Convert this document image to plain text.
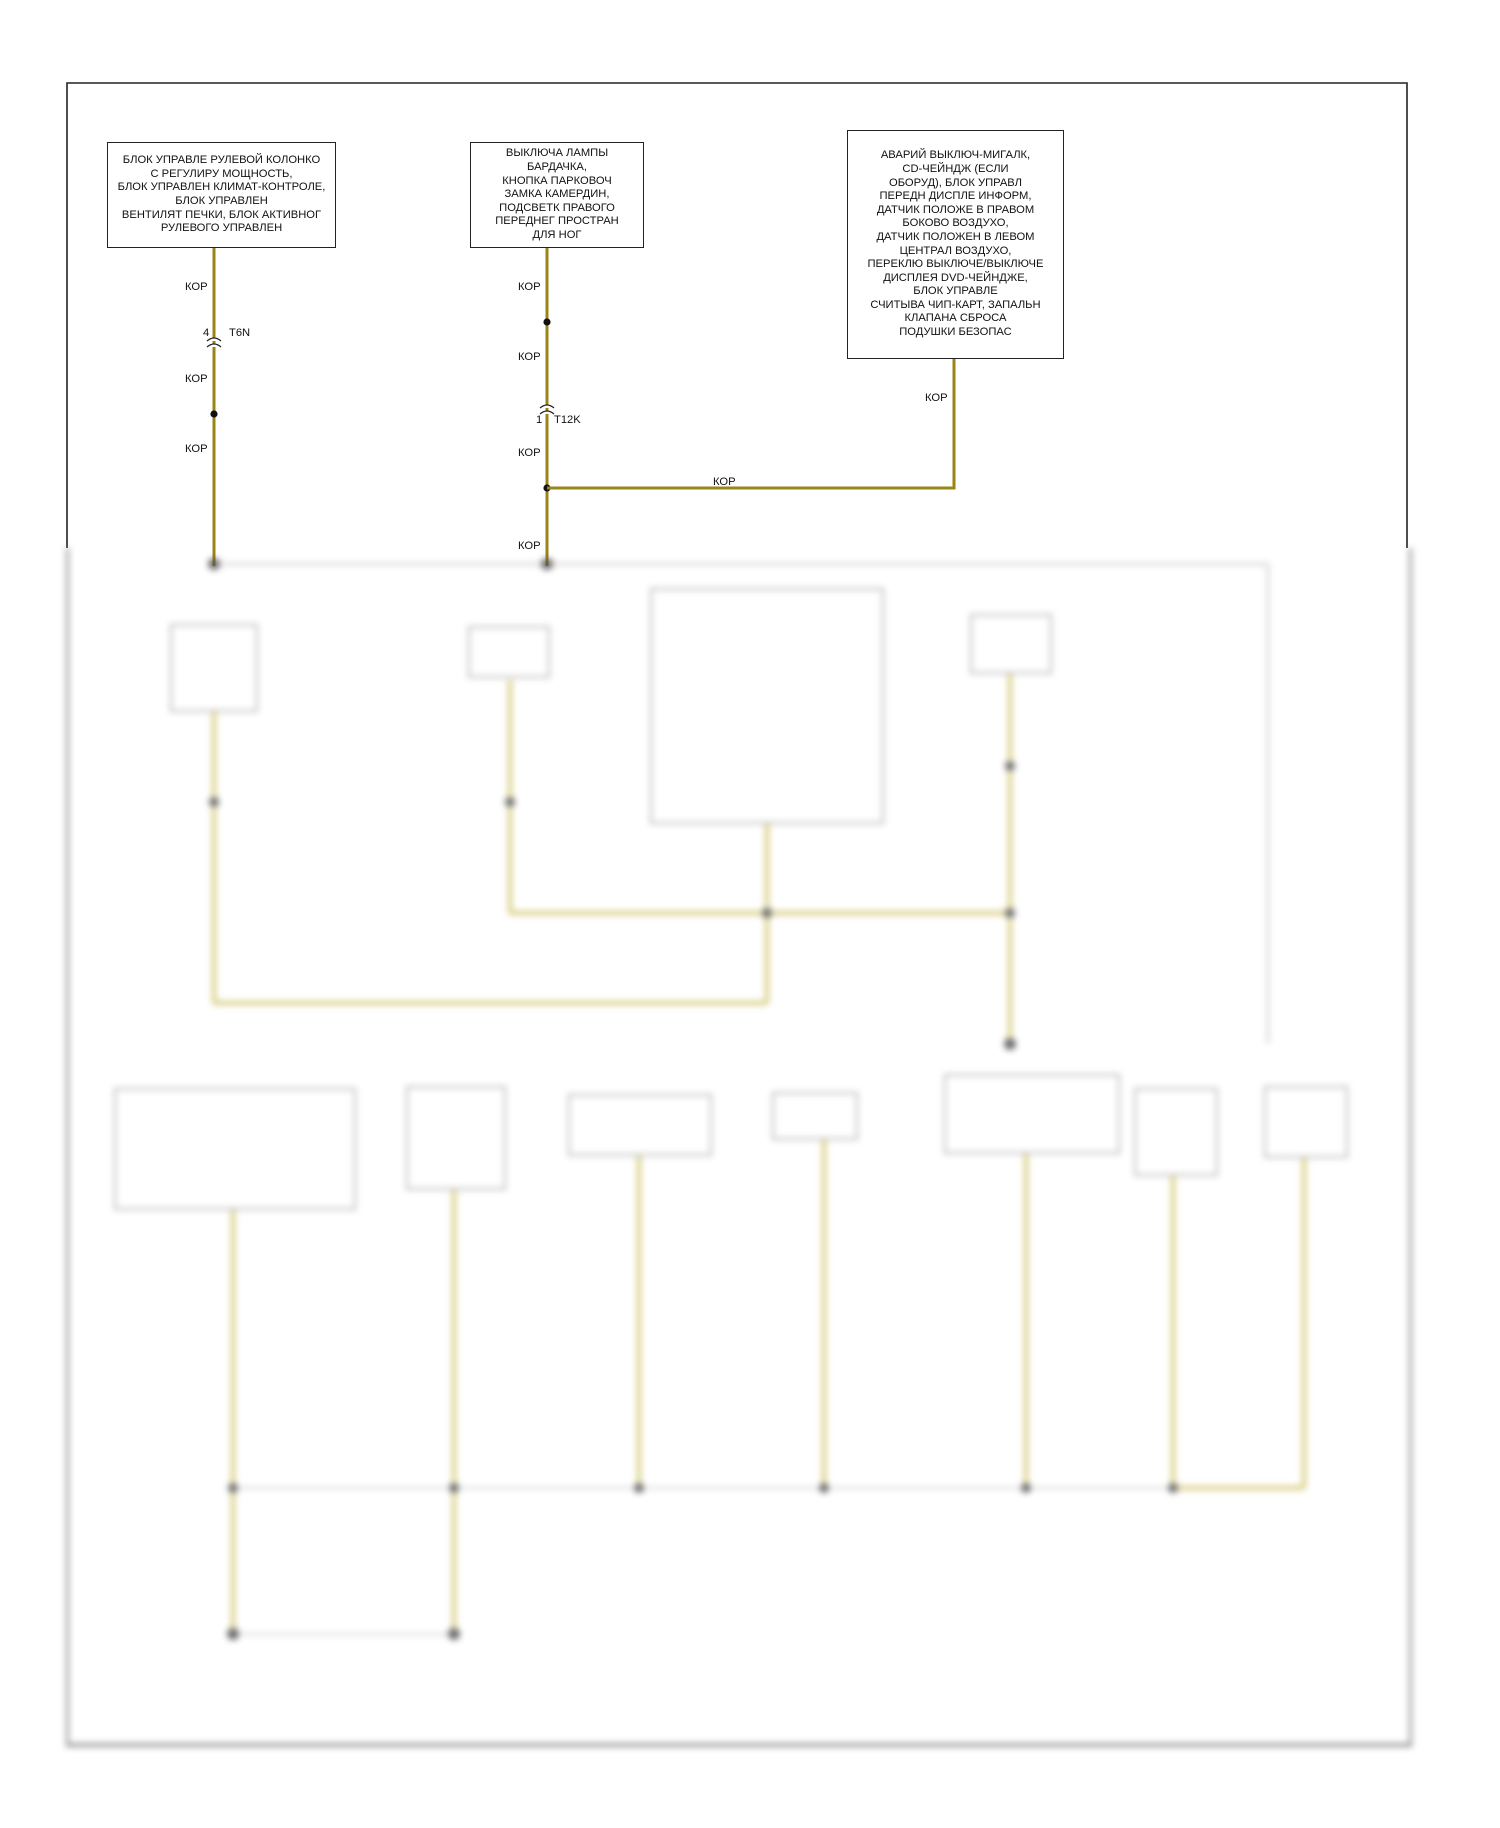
БЛОК УПРАВЛЕ РУЛЕВОЙ КОЛОНКО
С РЕГУЛИРУ МОЩНОСТЬ,
БЛОК УПРАВЛЕН КЛИМАТ-КОНТРОЛЕ,
БЛОК УПРАВЛЕН
ВЕНТИЛЯТ ПЕЧКИ, БЛОК АКТИВНОГ
РУЛЕВОГО УПРАВЛЕН
ВЫКЛЮЧА ЛАМПЫ БАРДАЧКА,
КНОПКА ПАРКОВОЧ
ЗАМКА КАМЕРДИН,
ПОДСВЕТК ПРАВОГО
ПЕРЕДНЕГ ПРОСТРАН
ДЛЯ НОГ
АВАРИЙ ВЫКЛЮЧ-МИГАЛК,
CD-ЧЕЙНДЖ (ЕСЛИ
ОБОРУД), БЛОК УПРАВЛ
ПЕРЕДН ДИСПЛЕ ИНФОРМ,
ДАТЧИК ПОЛОЖЕ В ПРАВОМ
БОКОВО ВОЗДУХО,
ДАТЧИК ПОЛОЖЕН В ЛЕВОМ
ЦЕНТРАЛ ВОЗДУХО,
ПЕРЕКЛЮ ВЫКЛЮЧЕ/ВЫКЛЮЧЕ
ДИСПЛЕЯ DVD-ЧЕЙНДЖЕ,
БЛОК УПРАВЛЕ
СЧИТЫВА ЧИП-КАРТ, ЗАПАЛЬН
КЛАПАНА СБРОСА
ПОДУШКИ БЕЗОПАС
КОР
4 T6N
КОР
КОР
КОР
КОР
1 T12K
КОР
КОР
КОР
КОР
